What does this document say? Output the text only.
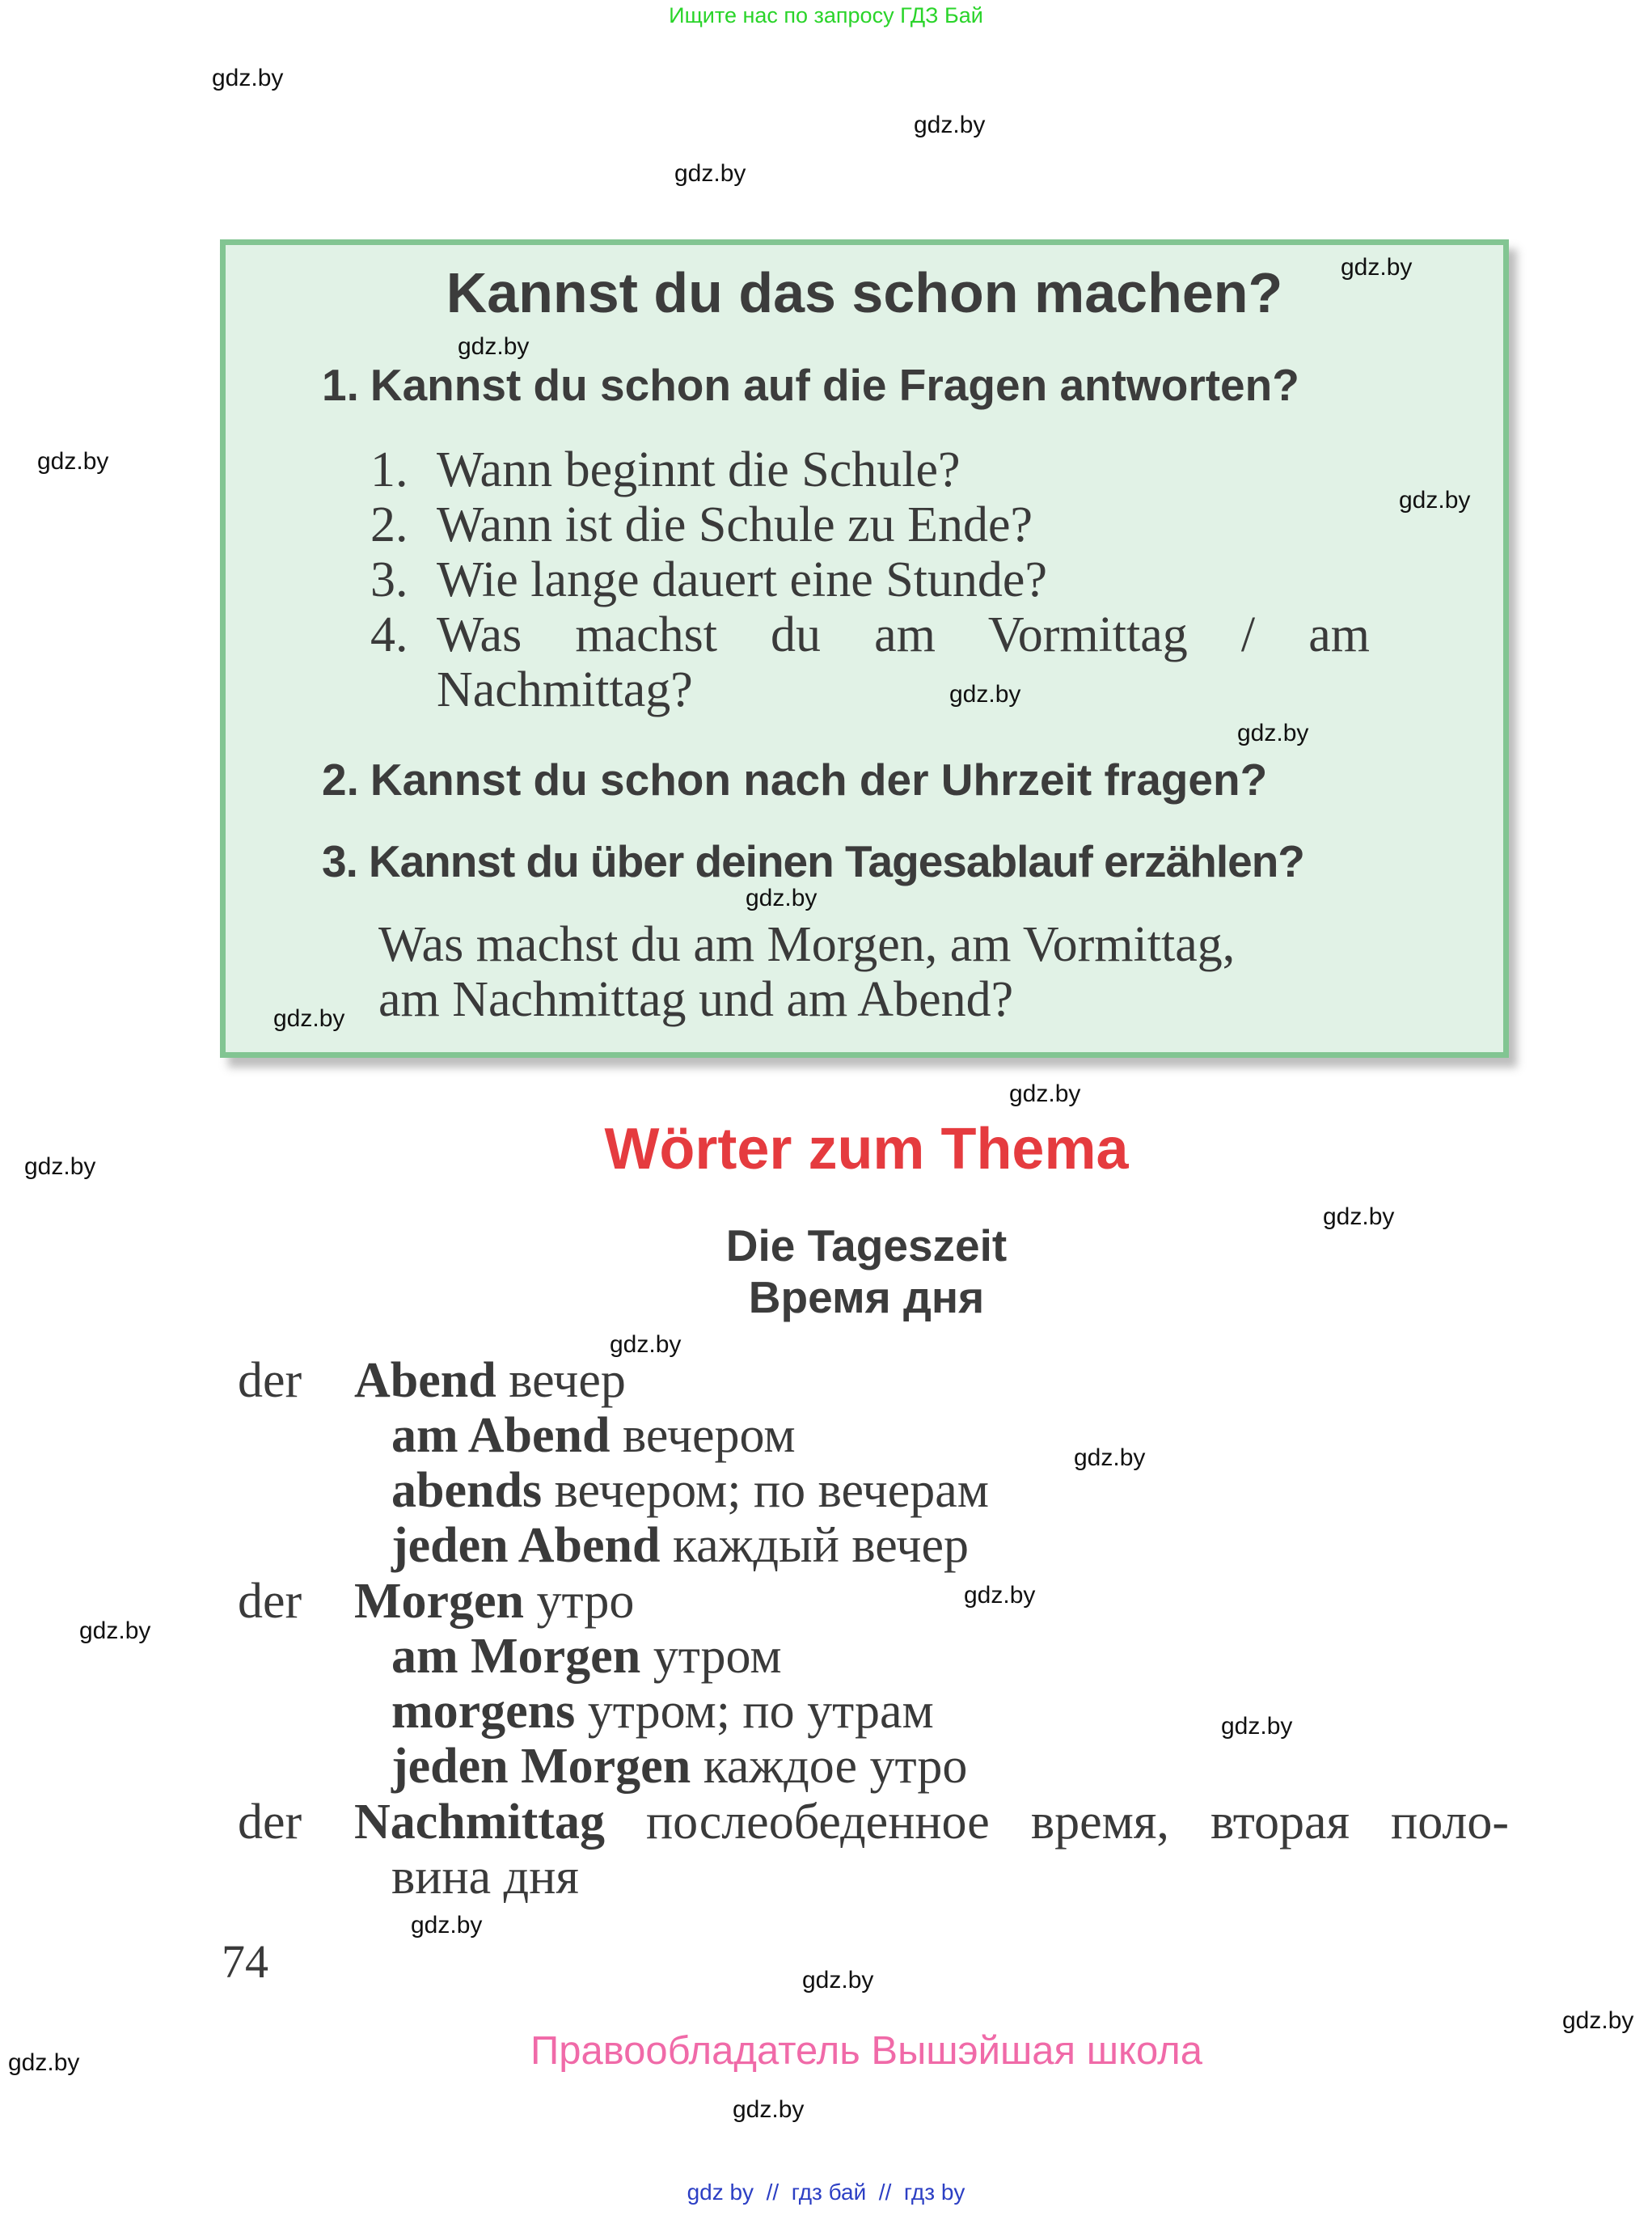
Ищите нас по запросу ГДЗ Бай
Kannst du das schon machen?
1. Kannst du schon auf die Fragen antworten?
1. Wann beginnt die Schule?
2. Wann ist die Schule zu Ende?
3. Wie lange dauert eine Stunde?
4. Was machst du am Vormittag / am
Nachmittag?
2. Kannst du schon nach der Uhrzeit fragen?
3. Kannst du über deinen Tagesablauf erzählen?
Was machst du am Morgen, am Vormittag,
am Nachmittag und am Abend?
Wörter zum Thema
Die Tageszeit
Время дня
der Abend вечер
am Abend вечером
abends вечером; по вечерам
jeden Abend каждый вечер
der Morgen утро
am Morgen утром
morgens утром; по утрам
jeden Morgen каждое утро
der	Nachmittag послеобеденное время, вторая поло-
вина дня
74
Правообладатель Вышэйшая школа
gdz by  //  гдз бай  //  гдз by
gdz.by
gdz.by
gdz.by
gdz.by
gdz.by
gdz.by
gdz.by
gdz.by
gdz.by
gdz.by
gdz.by
gdz.by
gdz.by
gdz.by
gdz.by
gdz.by
gdz.by
gdz.by
gdz.by
gdz.by
gdz.by
gdz.by
gdz.by
gdz.by
